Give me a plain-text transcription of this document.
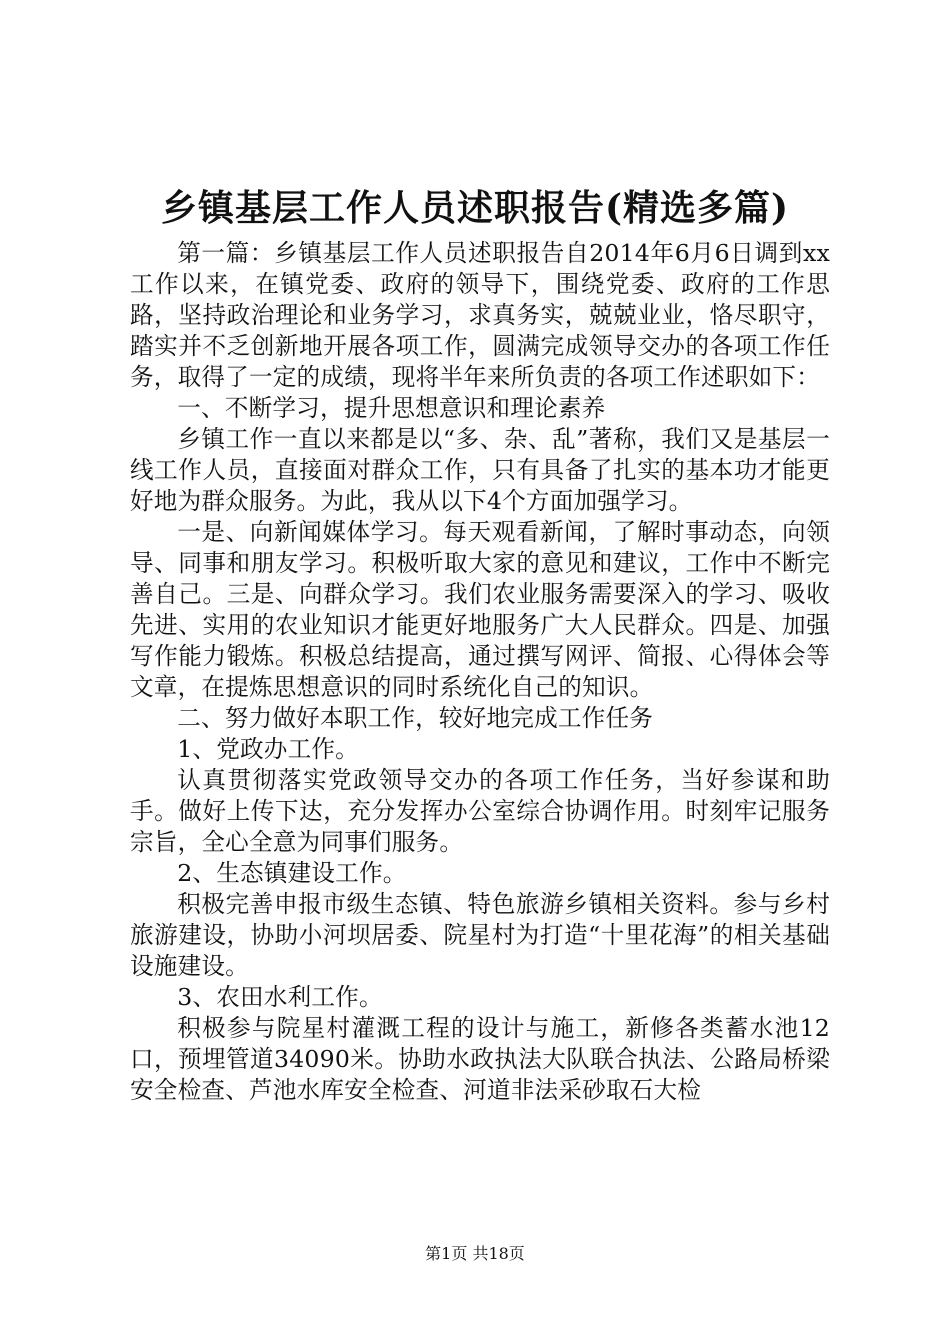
乡镇基层工作人员述职报告(精选多篇)

第一篇：乡镇基层工作人员述职报告自2014年6月6日调到xx工作以来，在镇党委、政府的领导下，围绕党委、政府的工作思路，坚持政治理论和业务学习，求真务实，兢兢业业，恪尽职守，踏实并不乏创新地开展各项工作，圆满完成领导交办的各项工作任务，取得了一定的成绩，现将半年来所负责的各项工作述职如下：

一、不断学习，提升思想意识和理论素养

乡镇工作一直以来都是以“多、杂、乱”著称，我们又是基层一线工作人员，直接面对群众工作，只有具备了扎实的基本功才能更好地为群众服务。为此，我从以下4个方面加强学习。

一是、向新闻媒体学习。每天观看新闻，了解时事动态，向领导、同事和朋友学习。积极听取大家的意见和建议，工作中不断完善自己。三是、向群众学习。我们农业服务需要深入的学习、吸收先进、实用的农业知识才能更好地服务广大人民群众。四是、加强写作能力锻炼。积极总结提高，通过撰写网评、简报、心得体会等文章，在提炼思想意识的同时系统化自己的知识。

二、努力做好本职工作，较好地完成工作任务

1、党政办工作。

认真贯彻落实党政领导交办的各项工作任务，当好参谋和助手。做好上传下达，充分发挥办公室综合协调作用。时刻牢记服务宗旨，全心全意为同事们服务。

2、生态镇建设工作。

积极完善申报市级生态镇、特色旅游乡镇相关资料。参与乡村旅游建设，协助小河坝居委、院星村为打造“十里花海”的相关基础设施建设。

3、农田水利工作。

积极参与院星村灌溉工程的设计与施工，新修各类蓄水池12口，预埋管道34090米。协助水政执法大队联合执法、公路局桥梁安全检查、芦池水库安全检查、河道非法采砂取石大检

第1页 共18页
